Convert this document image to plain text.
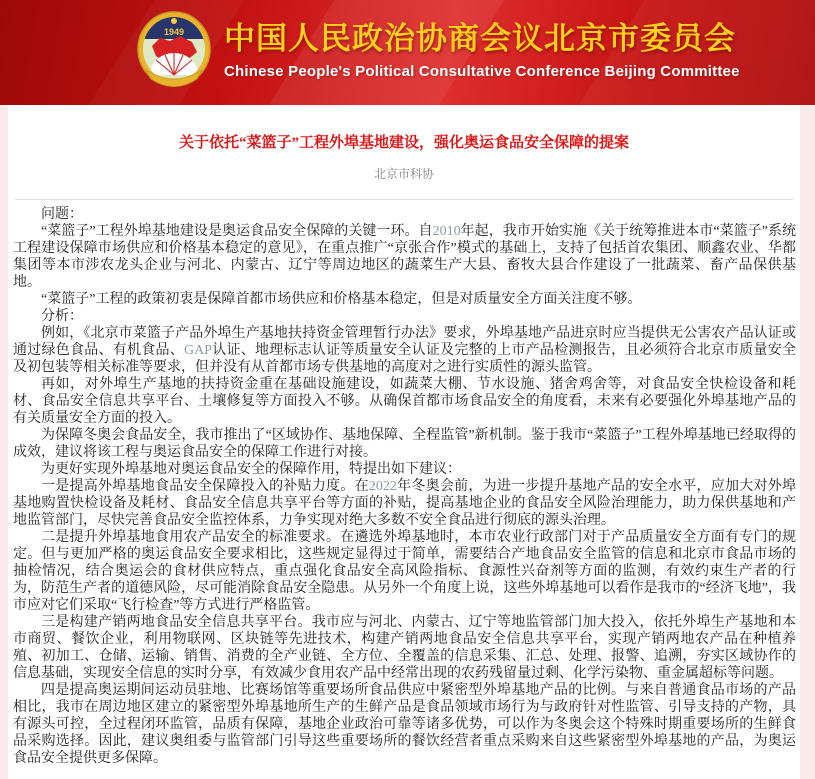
1949 中国人民政治协商会议北京市委员会
Chinese People's Political Consultative Conference Beijing Committee
关于依托“菜篮子”工程外埠基地建设，强化奥运食品安全保障的提案
北京市科协

问题：

“菜篮子”工程外埠基地建设是奥运食品安全保障的关键一环。自2010年起，我市开始实施《关于统筹推进本市“菜篮子”系统工程建设保障市场供应和价格基本稳定的意见》，在重点推广“京张合作”模式的基础上，支持了包括首农集团、顺鑫农业、华都集团等本市涉农龙头企业与河北、内蒙古、辽宁等周边地区的蔬菜生产大县、畜牧大县合作建设了一批蔬菜、畜产品保供基地。

“菜篮子”工程的政策初衷是保障首都市场供应和价格基本稳定，但是对质量安全方面关注度不够。

分析：

例如，《北京市菜篮子产品外埠生产基地扶持资金管理暂行办法》要求，外埠基地产品进京时应当提供无公害农产品认证或通过绿色食品、有机食品、GAP认证、地理标志认证等质量安全认证及完整的上市产品检测报告，且必须符合北京市质量安全及初包装等相关标准等要求，但并没有从首都市场专供基地的高度对之进行实质性的源头监管。

再如，对外埠生产基地的扶持资金重在基础设施建设，如蔬菜大棚、节水设施、猪舍鸡舍等，对食品安全快检设备和耗材、食品安全信息共享平台、土壤修复等方面投入不够。从确保首都市场食品安全的角度看，未来有必要强化外埠基地产品的有关质量安全方面的投入。

为保障冬奥会食品安全，我市推出了“区域协作、基地保障、全程监管”新机制。鉴于我市“菜篮子”工程外埠基地已经取得的成效，建议将该工程与奥运食品安全的保障工作进行对接。

为更好实现外埠基地对奥运食品安全的保障作用，特提出如下建议：

一是提高外埠基地食品安全保障投入的补贴力度。在2022年冬奥会前，为进一步提升基地产品的安全水平，应加大对外埠基地购置快检设备及耗材、食品安全信息共享平台等方面的补贴，提高基地企业的食品安全风险治理能力，助力保供基地和产地监管部门，尽快完善食品安全监控体系，力争实现对绝大多数不安全食品进行彻底的源头治理。

二是提升外埠基地食用农产品安全的标准要求。在遴选外埠基地时，本市农业行政部门对于产品质量安全方面有专门的规定。但与更加严格的奥运食品安全要求相比，这些规定显得过于简单，需要结合产地食品安全监管的信息和北京市食品市场的抽检情况，结合奥运会的食材供应特点，重点强化食品安全高风险指标、食源性兴奋剂等方面的监测，有效约束生产者的行为，防范生产者的道德风险，尽可能消除食品安全隐患。从另外一个角度上说，这些外埠基地可以看作是我市的“经济飞地”，我市应对它们采取“飞行检查”等方式进行严格监管。

三是构建产销两地食品安全信息共享平台。我市应与河北、内蒙古、辽宁等地监管部门加大投入，依托外埠生产基地和本市商贸、餐饮企业，利用物联网、区块链等先进技术，构建产销两地食品安全信息共享平台，实现产销两地农产品在种植养殖、初加工、仓储、运输、销售、消费的全产业链、全方位、全覆盖的信息采集、汇总、处理、报警、追溯，夯实区域协作的信息基础，实现安全信息的实时分享，有效减少食用农产品中经常出现的农药残留量过剩、化学污染物、重金属超标等问题。

四是提高奥运期间运动员驻地、比赛场馆等重要场所食品供应中紧密型外埠基地产品的比例。与来自普通食品市场的产品相比，我市在周边地区建立的紧密型外埠基地所生产的生鲜产品是食品领域市场行为与政府针对性监管、引导支持的产物，具有源头可控，全过程闭环监管，品质有保障，基地企业政治可靠等诸多优势，可以作为冬奥会这个特殊时期重要场所的生鲜食品采购选择。因此，建议奥组委与监管部门引导这些重要场所的餐饮经营者重点采购来自这些紧密型外埠基地的产品，为奥运食品安全提供更多保障。
